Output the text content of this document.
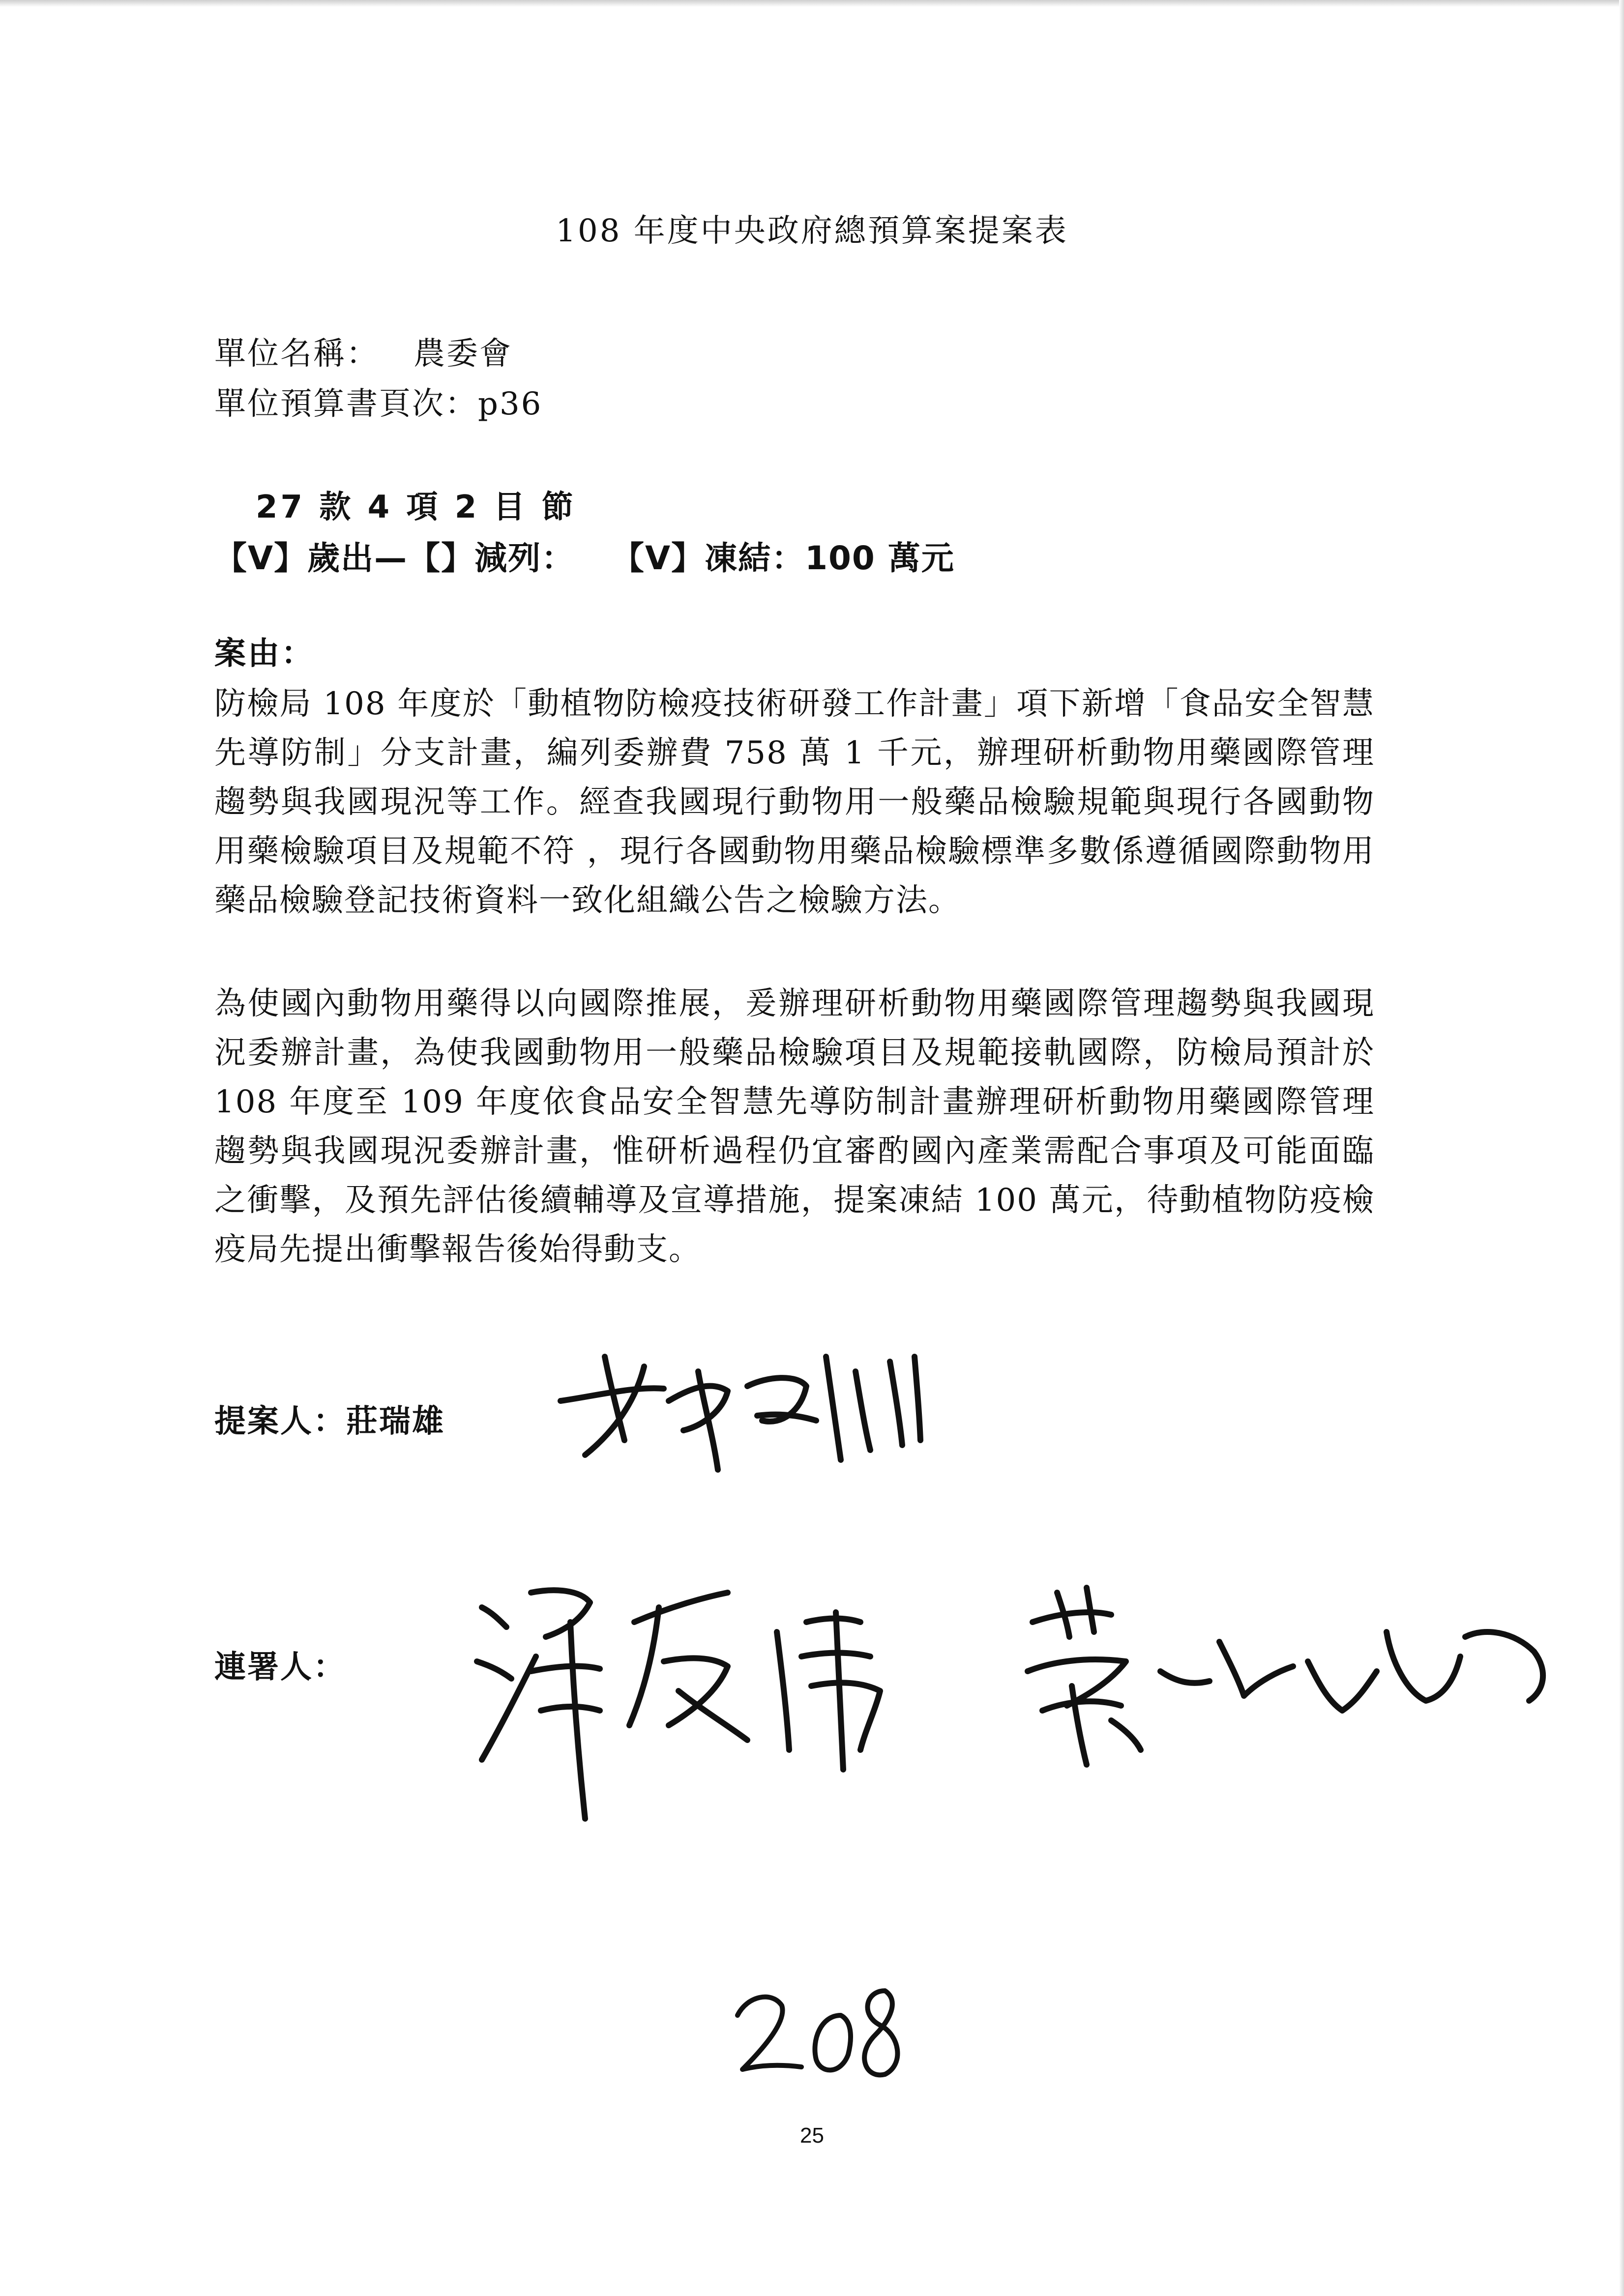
108 年度中央政府總預算案提案表
單位名稱：   農委會
單位預算書頁次：p36
27 款 4 項 2 目 節
【V】歲出—【】減列：   【V】凍結：100 萬元
案由：
防檢局 108 年度於「動植物防檢疫技術研發工作計畫」項下新增「食品安全智慧先導防制」分支計畫，編列委辦費 758 萬 1 千元，辦理研析動物用藥國際管理趨勢與我國現況等工作。經查我國現行動物用一般藥品檢驗規範與現行各國動物用藥檢驗項目及規範不符 ，現行各國動物用藥品檢驗標準多數係遵循國際動物用藥品檢驗登記技術資料一致化組織公告之檢驗方法。
為使國內動物用藥得以向國際推展，爰辦理研析動物用藥國際管理趨勢與我國現況委辦計畫，為使我國動物用一般藥品檢驗項目及規範接軌國際，防檢局預計於 108 年度至 109 年度依食品安全智慧先導防制計畫辦理研析動物用藥國際管理趨勢與我國現況委辦計畫，惟研析過程仍宜審酌國內產業需配合事項及可能面臨之衝擊，及預先評估後續輔導及宣導措施，提案凍結 100 萬元，待動植物防疫檢疫局先提出衝擊報告後始得動支。
提案人：莊瑞雄
連署人：
25
